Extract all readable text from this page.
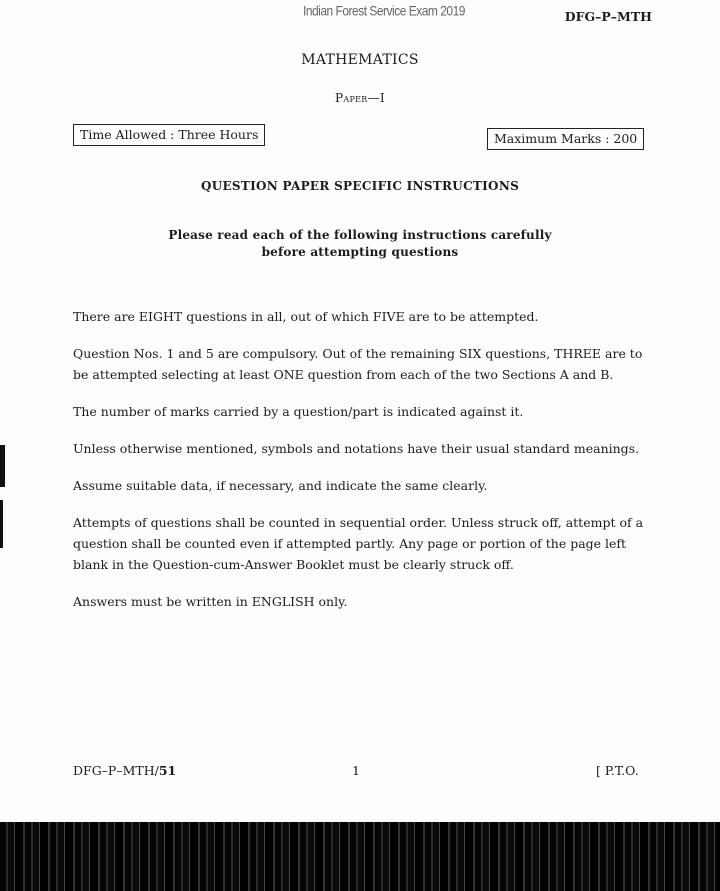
Indian Forest Service Exam 2019	DFG–P–MTH
MATHEMATICS
Paper—I
Time Allowed : Three Hours	Maximum Marks : 200
QUESTION PAPER SPECIFIC INSTRUCTIONS
Please read each of the following instructions carefully
before attempting questions

There are EIGHT questions in all, out of which FIVE are to be attempted.

Question Nos. 1 and 5 are compulsory. Out of the remaining SIX questions, THREE are to be attempted selecting at least ONE question from each of the two Sections A and B.

The number of marks carried by a question/part is indicated against it.

Unless otherwise mentioned, symbols and notations have their usual standard meanings.

Assume suitable data, if necessary, and indicate the same clearly.

Attempts of questions shall be counted in sequential order. Unless struck off, attempt of a question shall be counted even if attempted partly. Any page or portion of the page left blank in the Question-cum-Answer Booklet must be clearly struck off.

Answers must be written in ENGLISH only.

DFG–P–MTH/51	1	[ P.T.O.
